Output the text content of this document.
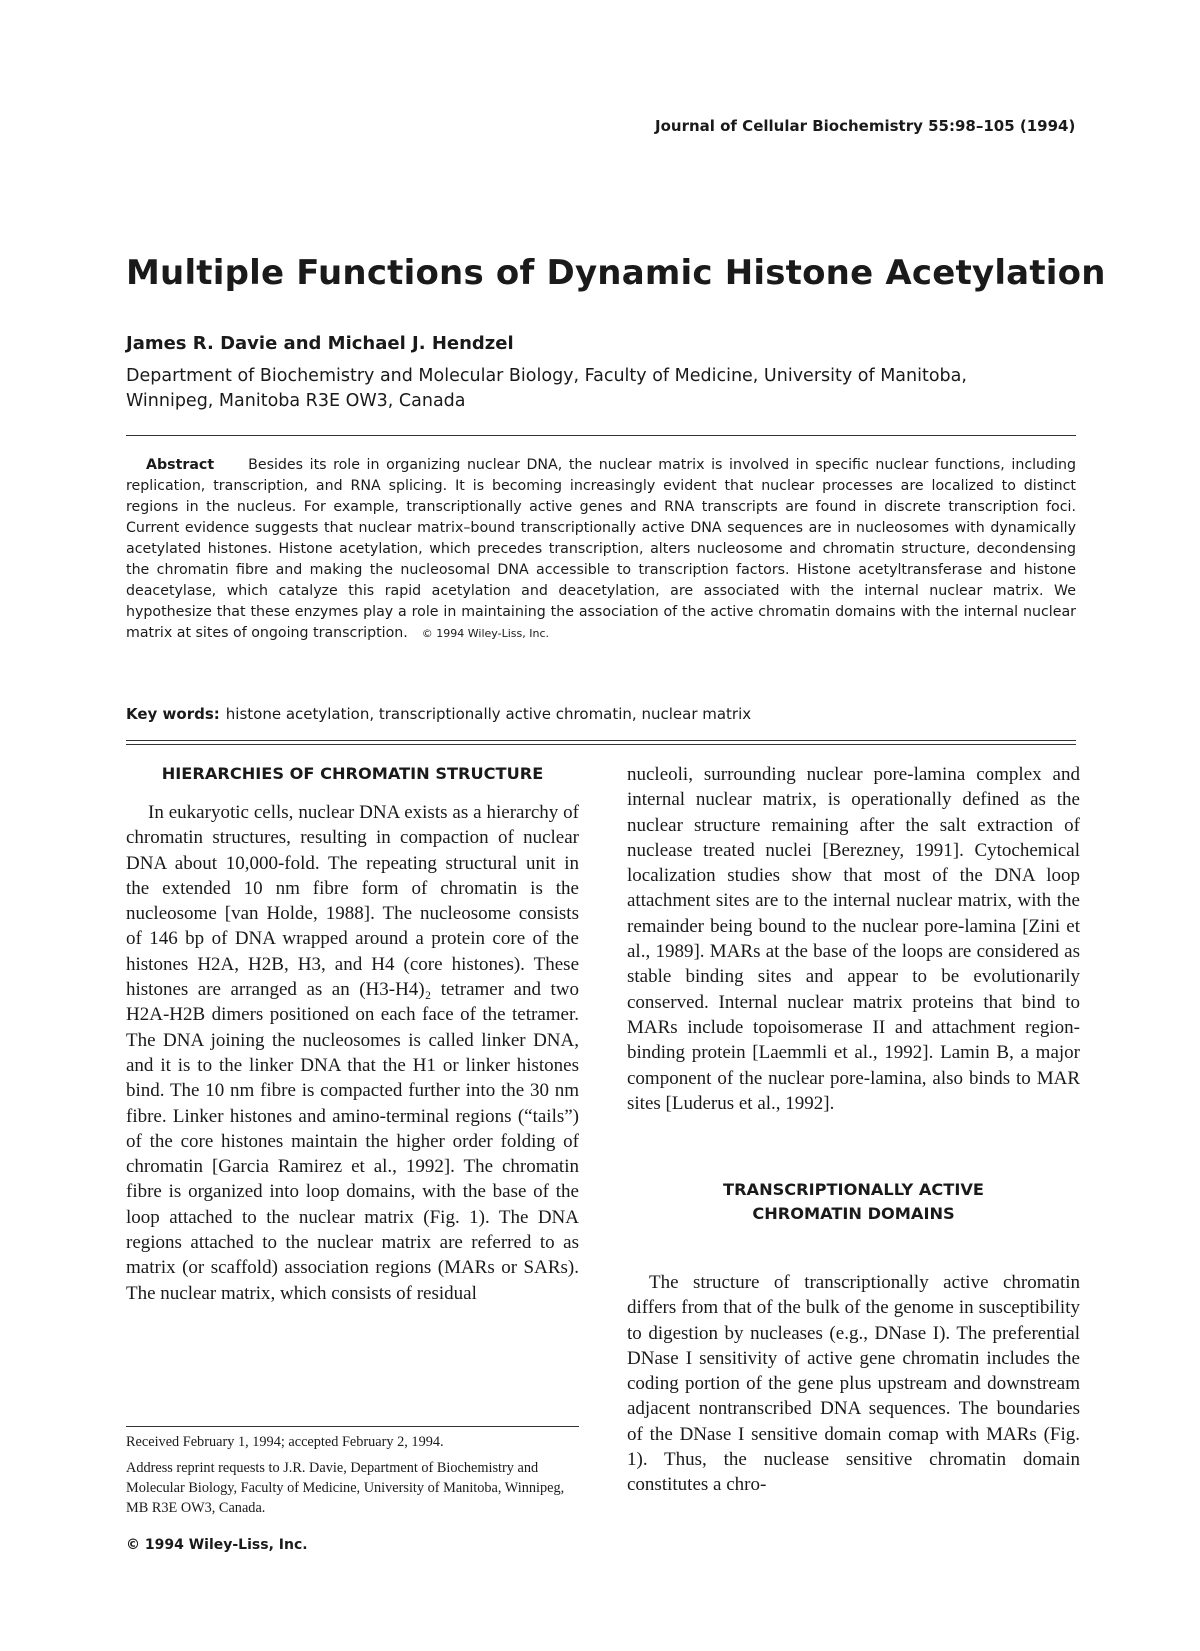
Journal of Cellular Biochemistry 55:98–105 (1994)
Multiple Functions of Dynamic Histone Acetylation
James R. Davie and Michael J. Hendzel
Department of Biochemistry and Molecular Biology, Faculty of Medicine, University of Manitoba,
Winnipeg, Manitoba R3E OW3, Canada

Abstract Besides its role in organizing nuclear DNA, the nuclear matrix is involved in specific nuclear functions, including replication, transcription, and RNA splicing. It is becoming increasingly evident that nuclear processes are localized to distinct regions in the nucleus. For example, transcriptionally active genes and RNA transcripts are found in discrete transcription foci. Current evidence suggests that nuclear matrix–bound transcriptionally active DNA sequences are in nucleosomes with dynamically acetylated histones. Histone acetylation, which precedes transcription, alters nucleosome and chromatin structure, decondensing the chromatin fibre and making the nucleosomal DNA accessible to transcription factors. Histone acetyltransferase and histone deacetylase, which catalyze this rapid acetylation and deacetylation, are associated with the internal nuclear matrix. We hypothesize that these enzymes play a role in maintaining the association of the active chromatin domains with the internal nuclear matrix at sites of ongoing transcription. © 1994 Wiley-Liss, Inc.

Key words: histone acetylation, transcriptionally active chromatin, nuclear matrix
HIERARCHIES OF CHROMATIN STRUCTURE

In eukaryotic cells, nuclear DNA exists as a hierarchy of chromatin structures, resulting in compaction of nuclear DNA about 10,000-fold. The repeating structural unit in the extended 10 nm fibre form of chromatin is the nucleosome [van Holde, 1988]. The nucleosome consists of 146 bp of DNA wrapped around a protein core of the histones H2A, H2B, H3, and H4 (core histones). These histones are arranged as an (H3-H4)₂ tetramer and two H2A-H2B dimers positioned on each face of the tetramer. The DNA joining the nucleosomes is called linker DNA, and it is to the linker DNA that the H1 or linker histones bind. The 10 nm fibre is compacted further into the 30 nm fibre. Linker histones and amino-terminal regions (“tails”) of the core histones maintain the higher order folding of chromatin [Garcia Ramirez et al., 1992]. The chromatin fibre is organized into loop domains, with the base of the loop attached to the nuclear matrix (Fig. 1). The DNA regions attached to the nuclear matrix are referred to as matrix (or scaffold) association regions (MARs or SARs). The nuclear matrix, which consists of residual

nucleoli, surrounding nuclear pore-lamina complex and internal nuclear matrix, is operationally defined as the nuclear structure remaining after the salt extraction of nuclease treated nuclei [Berezney, 1991]. Cytochemical localization studies show that most of the DNA loop attachment sites are to the internal nuclear matrix, with the remainder being bound to the nuclear pore-lamina [Zini et al., 1989]. MARs at the base of the loops are considered as stable binding sites and appear to be evolutionarily conserved. Internal nuclear matrix proteins that bind to MARs include topoisomerase II and attachment region-binding protein [Laemmli et al., 1992]. Lamin B, a major component of the nuclear pore-lamina, also binds to MAR sites [Luderus et al., 1992].

TRANSCRIPTIONALLY ACTIVE
CHROMATIN DOMAINS

The structure of transcriptionally active chromatin differs from that of the bulk of the genome in susceptibility to digestion by nucleases (e.g., DNase I). The preferential DNase I sensitivity of active gene chromatin includes the coding portion of the gene plus upstream and downstream adjacent nontranscribed DNA sequences. The boundaries of the DNase I sensitive domain comap with MARs (Fig. 1). Thus, the nuclease sensitive chromatin domain constitutes a chro-

Received February 1, 1994; accepted February 2, 1994.

Address reprint requests to J.R. Davie, Department of Biochemistry and Molecular Biology, Faculty of Medicine, University of Manitoba, Winnipeg, MB R3E OW3, Canada.

© 1994 Wiley-Liss, Inc.
